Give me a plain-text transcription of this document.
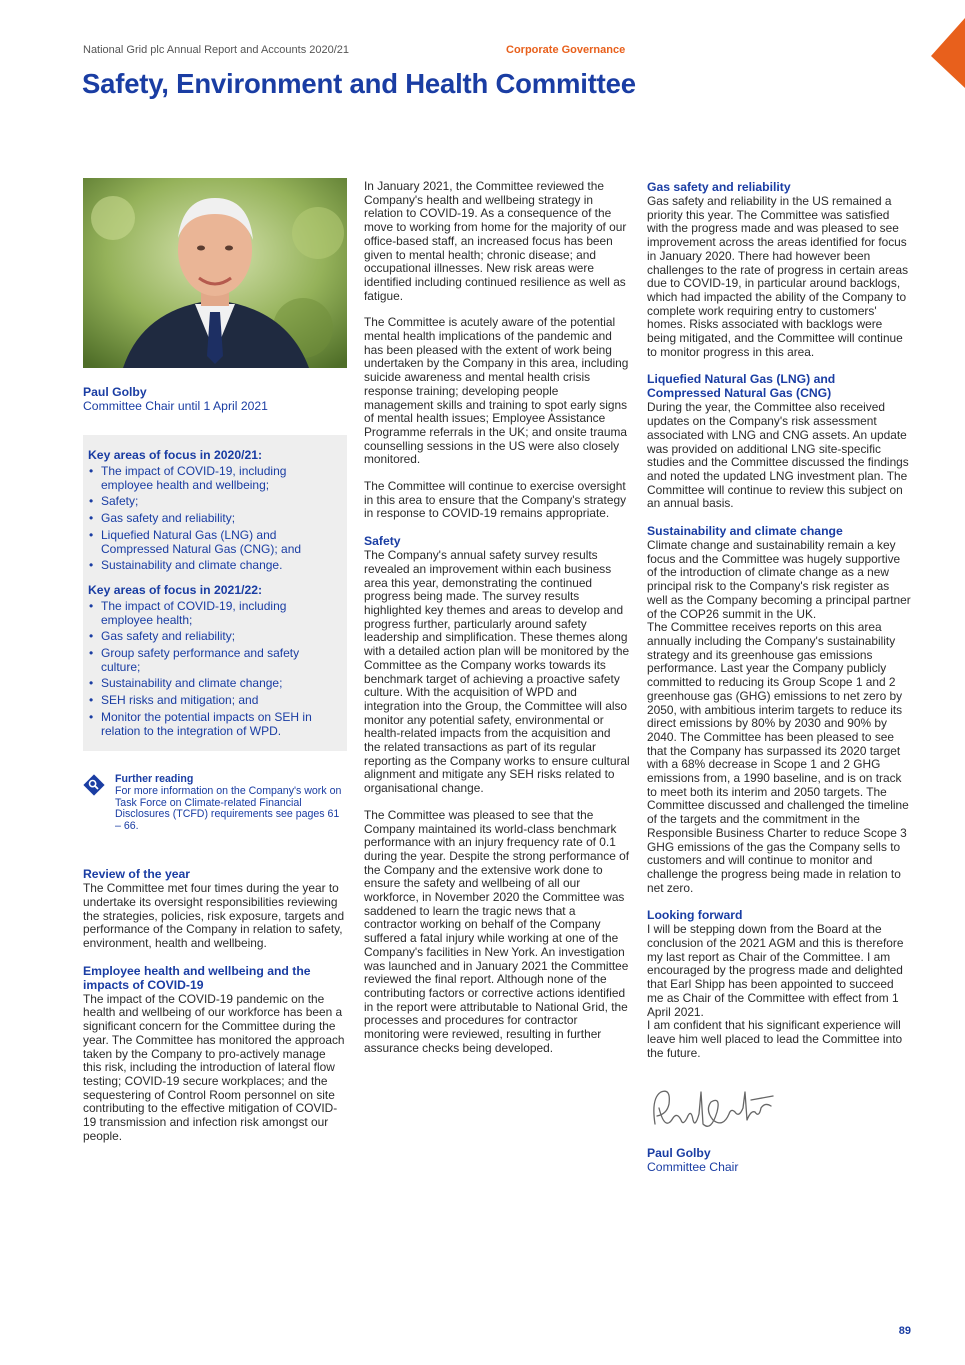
National Grid plc Annual Report and Accounts 2020/21	Corporate Governance
Safety, Environment and Health Committee
Paul Golby
Committee Chair until 1 April 2021
Key areas of focus in 2020/21:
• The impact of COVID-19, including employee health and wellbeing;
• Safety;
• Gas safety and reliability;
• Liquefied Natural Gas (LNG) and Compressed Natural Gas (CNG); and
• Sustainability and climate change.
Key areas of focus in 2021/22:
• The impact of COVID-19, including employee health;
• Gas safety and reliability;
• Group safety performance and safety culture;
• Sustainability and climate change;
• SEH risks and mitigation; and
• Monitor the potential impacts on SEH in relation to the integration of WPD.
Further reading
For more information on the Company's work on Task Force on Climate-related Financial Disclosures (TCFD) requirements see pages 61 – 66.
Review of the year

The Committee met four times during the year to undertake its oversight responsibilities reviewing the strategies, policies, risk exposure, targets and performance of the Company in relation to safety, environment, health and wellbeing.

Employee health and wellbeing and the impacts of COVID-19

The impact of the COVID-19 pandemic on the health and wellbeing of our workforce has been a significant concern for the Committee during the year. The Committee has monitored the approach taken by the Company to pro-actively manage this risk, including the introduction of lateral flow testing; COVID-19 secure workplaces; and the sequestering of Control Room personnel on site contributing to the effective mitigation of COVID-19 transmission and infection risk amongst our people.

In January 2021, the Committee reviewed the Company's health and wellbeing strategy in relation to COVID-19. As a consequence of the move to working from home for the majority of our office-based staff, an increased focus has been given to mental health; chronic disease; and occupational illnesses. New risk areas were identified including continued resilience as well as fatigue.

The Committee is acutely aware of the potential mental health implications of the pandemic and has been pleased with the extent of work being undertaken by the Company in this area, including suicide awareness and mental health crisis response training; developing people management skills and training to spot early signs of mental health issues; Employee Assistance Programme referrals in the UK; and onsite trauma counselling sessions in the US were also closely monitored.

The Committee will continue to exercise oversight in this area to ensure that the Company's strategy in response to COVID-19 remains appropriate.

Safety

The Company's annual safety survey results revealed an improvement within each business area this year, demonstrating the continued progress being made. The survey results highlighted key themes and areas to develop and progress further, particularly around safety leadership and simplification. These themes along with a detailed action plan will be monitored by the Committee as the Company works towards its benchmark target of achieving a proactive safety culture. With the acquisition of WPD and integration into the Group, the Committee will also monitor any potential safety, environmental or health-related impacts from the acquisition and the related transactions as part of its regular reporting as the Company works to ensure cultural alignment and mitigate any SEH risks related to organisational change.

The Committee was pleased to see that the Company maintained its world-class benchmark performance with an injury frequency rate of 0.1 during the year. Despite the strong performance of the Company and the extensive work done to ensure the safety and wellbeing of all our workforce, in November 2020 the Committee was saddened to learn the tragic news that a contractor working on behalf of the Company suffered a fatal injury while working at one of the Company's facilities in New York. An investigation was launched and in January 2021 the Committee reviewed the final report. Although none of the contributing factors or corrective actions identified in the report were attributable to National Grid, the processes and procedures for contractor monitoring were reviewed, resulting in further assurance checks being developed.

Gas safety and reliability

Gas safety and reliability in the US remained a priority this year. The Committee was satisfied with the progress made and was pleased to see improvement across the areas identified for focus in January 2020. There had however been challenges to the rate of progress in certain areas due to COVID-19, in particular around backlogs, which had impacted the ability of the Company to complete work requiring entry to customers' homes. Risks associated with backlogs were being mitigated, and the Committee will continue to monitor progress in this area.

Liquefied Natural Gas (LNG) and Compressed Natural Gas (CNG)

During the year, the Committee also received updates on the Company's risk assessment associated with LNG and CNG assets. An update was provided on additional LNG site-specific studies and the Committee discussed the findings and noted the updated LNG investment plan. The Committee will continue to review this subject on an annual basis.

Sustainability and climate change

Climate change and sustainability remain a key focus and the Committee was hugely supportive of the introduction of climate change as a new principal risk to the Company's risk register as well as the Company becoming a principal partner of the COP26 summit in the UK.

The Committee receives reports on this area annually including the Company's sustainability strategy and its greenhouse gas emissions performance. Last year the Company publicly committed to reducing its Group Scope 1 and 2 greenhouse gas (GHG) emissions to net zero by 2050, with ambitious interim targets to reduce its direct emissions by 80% by 2030 and 90% by 2040. The Committee has been pleased to see that the Company has surpassed its 2020 target with a 68% decrease in Scope 1 and 2 GHG emissions from, a 1990 baseline, and is on track to meet both its interim and 2050 targets. The Committee discussed and challenged the timeline of the targets and the commitment in the Responsible Business Charter to reduce Scope 3 GHG emissions of the gas the Company sells to customers and will continue to monitor and challenge the progress being made in relation to net zero.

Looking forward

I will be stepping down from the Board at the conclusion of the 2021 AGM and this is therefore my last report as Chair of the Committee. I am encouraged by the progress made and delighted that Earl Shipp has been appointed to succeed me as Chair of the Committee with effect from 1 April 2021.

I am confident that his significant experience will leave him well placed to lead the Committee into the future.

Paul Golby
Committee Chair
89
